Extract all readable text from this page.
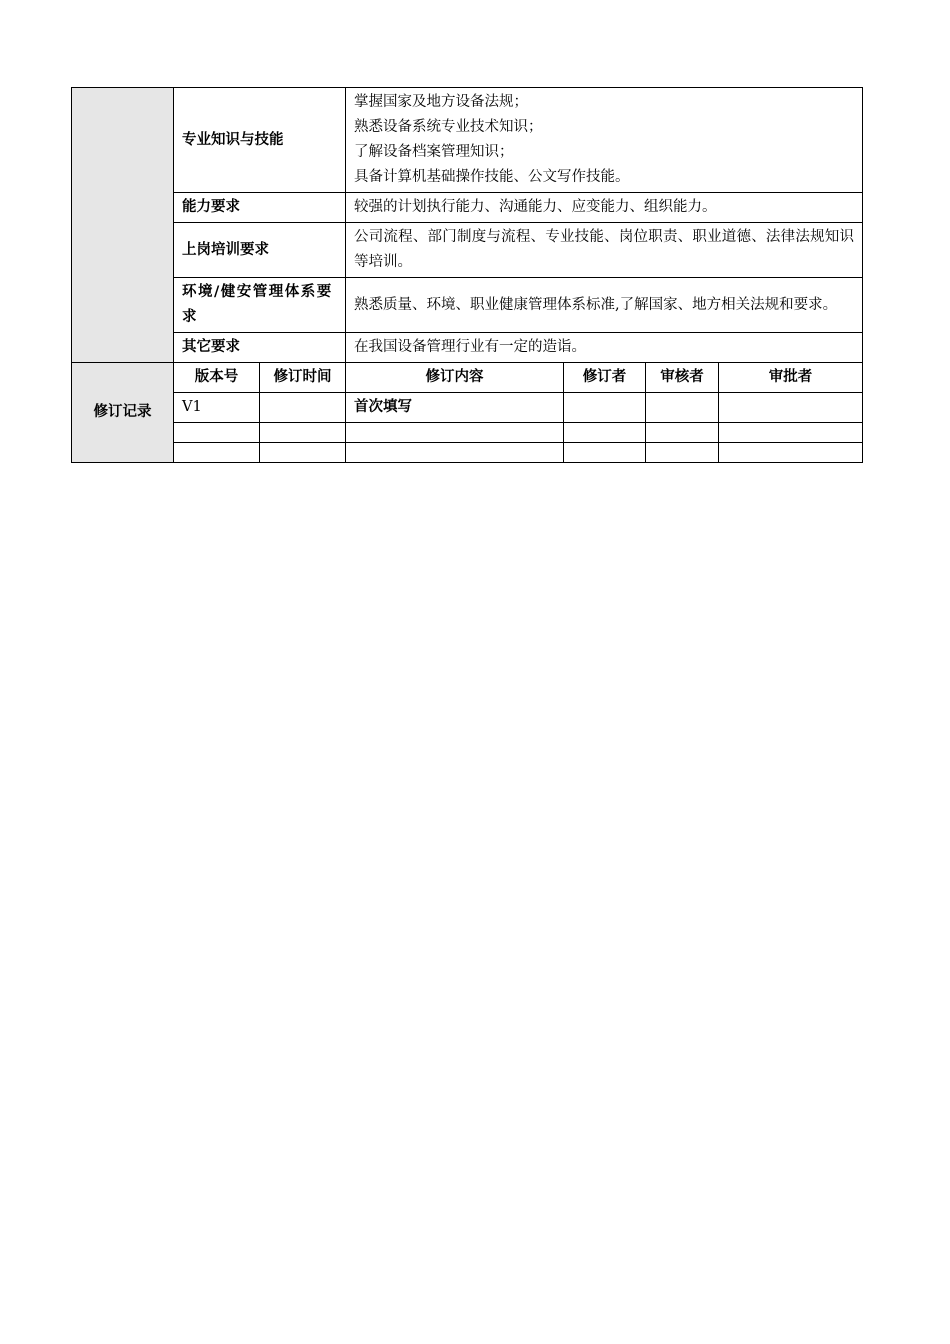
	专业知识与技能		掌握国家及地方设备法规；
熟悉设备系统专业技术知识；
了解设备档案管理知识；
具备计算机基础操作技能、公文写作技能。			

	能力要求		较强的计划执行能力、沟通能力、应变能力、组织能力。			
	上岗培训要求		公司流程、部门制度与流程、专业技能、岗位职责、职业道德、法律法规知识等培训。			
	环境/健安管理体系要求		熟悉质量、环境、职业健康管理体系标准,了解国家、地方相关法规和要求。			
	其它要求		在我国设备管理行业有一定的造诣。			
修订记录	版本号	修订时间	修订内容	修订者	审核者	审批者
	V1		首次填写			
